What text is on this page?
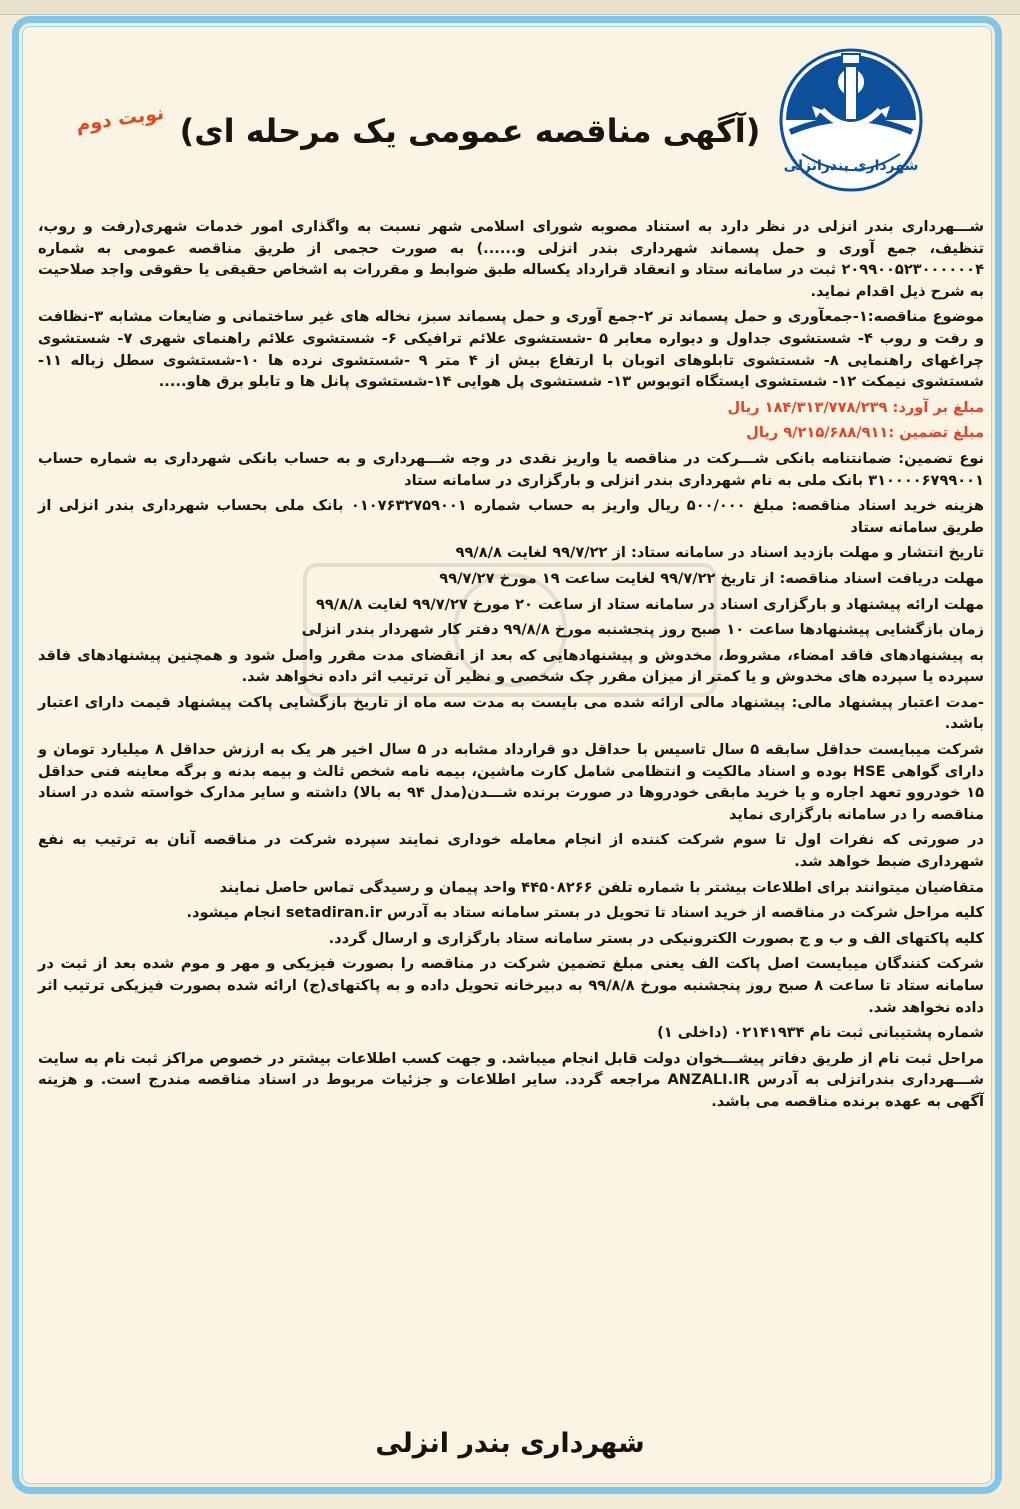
شهرداری بندرانزلی
نوبت دوم (آگهی مناقصه عمومی یک مرحله ای)

شـــهرداری بندر انزلی در نظر دارد به استناد مصوبه شورای اسلامی شهر نسبت به واگذاری امور خدمات شهری(رفت و روب، تنظیف، جمع آوری و حمل پسماند شهرداری بندر انزلی و......) به صورت حجمی از طریق مناقصه عمومی به شماره ۲۰۹۹۰۰۵۲۳۰۰۰۰۰۰۴ ثبت در سامانه ستاد و انعقاد قرارداد یکساله طبق ضوابط و مقررات به اشخاص حقیقی یا حقوقی واجد صلاحیت به شرح ذیل اقدام نماید.

موضوع مناقصه:۱-جمعآوری و حمل پسماند تر ۲-جمع آوری و حمل پسماند سبز، نخاله های غیر ساختمانی و ضایعات مشابه ۳-نظافت و رفت و روب ۴- شستشوی جداول و دیواره معابر ۵ -شستشوی علائم ترافیکی ۶- شستشوی علائم راهنمای شهری ۷- شستشوی چراغهای راهنمایی ۸- شستشوی تابلوهای اتوبان با ارتفاع بیش از ۴ متر ۹ -شستشوی نرده ها ۱۰-شستشوی سطل زباله ۱۱-شستشوی نیمکت ۱۲- شستشوی ایستگاه اتوبوس ۱۳- شستشوی پل هوایی ۱۴-شستشوی پانل ها و تابلو برق هاو.....

مبلغ بر آورد: ۱۸۴/۳۱۳/۷۷۸/۲۳۹ ریال

مبلغ تضمین :۹/۲۱۵/۶۸۸/۹۱۱ ریال

نوع تضمین: ضمانتنامه بانکی شـــرکت در مناقصه یا واریز نقدی در وجه شـــهرداری و به حساب بانکی شهرداری به شماره حساب ۳۱۰۰۰۰۶۷۹۹۰۰۱ بانک ملی به نام شهرداری بندر انزلی و بارگزاری در سامانه ستاد

هزینه خرید اسناد مناقصه: مبلغ ۵۰۰/۰۰۰ ریال واریز به حساب شماره ۰۱۰۷۶۳۲۷۵۹۰۰۱ بانک ملی بحساب شهرداری بندر انزلی از طریق سامانه ستاد

تاریخ انتشار و مهلت بازدید اسناد در سامانه ستاد: از ۹۹/۷/۲۲ لغایت ۹۹/۸/۸

مهلت دریافت اسناد مناقصه: از تاریخ ۹۹/۷/۲۲ لغایت ساعت ۱۹ مورخ ۹۹/۷/۲۷

مهلت ارائه پیشنهاد و بارگزاری اسناد در سامانه ستاد از ساعت ۲۰ مورخ ۹۹/۷/۲۷ لغایت ۹۹/۸/۸

زمان بازگشایی پیشنهادها ساعت ۱۰ صبح روز پنجشنبه مورخ ۹۹/۸/۸ دفتر کار شهردار بندر انزلی

به پیشنهادهای فاقد امضاء، مشروط، مخدوش و پیشنهادهایی که بعد از انقضای مدت مقرر واصل شود و همچنین پیشنهادهای فاقد سپرده یا سپرده های مخدوش و یا کمتر از میزان مقرر چک شخصی و نظیر آن ترتیب اثر داده نخواهد شد.

-مدت اعتبار پیشنهاد مالی: پیشنهاد مالی ارائه شده می بایست به مدت سه ماه از تاریخ بازگشایی پاکت پیشنهاد قیمت دارای اعتبار باشد.

شرکت میبایست حداقل سابقه ۵ سال تاسیس با حداقل دو قرارداد مشابه در ۵ سال اخیر هر یک به ارزش حداقل ۸ میلیارد تومان و دارای گواهی HSE بوده و اسناد مالکیت و انتظامی شامل کارت ماشین، بیمه نامه شخص ثالث و بیمه بدنه و برگه معاینه فنی حداقل ۱۵ خودروو تعهد اجاره و یا خرید مابقی خودروها در صورت برنده شـــدن(مدل ۹۴ به بالا) داشته و سایر مدارک خواسته شده در اسناد مناقصه را در سامانه بارگزاری نماید

در صورتی که نفرات اول تا سوم شرکت کننده از انجام معامله خوداری نمایند سپرده شرکت در مناقصه آنان به ترتیب به نفع شهرداری ضبط خواهد شد.

متقاضیان میتوانند برای اطلاعات بیشتر با شماره تلفن ۴۴۵۰۸۲۶۶ واحد پیمان و رسیدگی تماس حاصل نمایند

کلیه مراحل شرکت در مناقصه از خرید اسناد تا تحویل در بستر سامانه ستاد به آدرس setadiran.ir انجام میشود.

کلیه پاکتهای الف و ب و ج بصورت الکترونیکی در بستر سامانه ستاد بارگزاری و ارسال گردد.

شرکت کنندگان میبایست اصل پاکت الف یعنی مبلغ تضمین شرکت در مناقصه را بصورت فیزیکی و مهر و موم شده بعد از ثبت در سامانه ستاد تا ساعت ۸ صبح روز پنجشنبه مورخ ۹۹/۸/۸ به دبیرخانه تحویل داده و به پاکتهای(ج) ارائه شده بصورت فیزیکی ترتیب اثر داده نخواهد شد.

شماره پشتیبانی ثبت نام ۰۲۱۴۱۹۳۴ (داخلی ۱)

مراحل ثبت نام از طریق دفاتر پیشـــخوان دولت قابل انجام میباشد. و جهت کسب اطلاعات بیشتر در خصوص مراکز ثبت نام به سایت شـــهرداری بندرانزلی به آدرس ANZALI.IR مراجعه گردد. سایر اطلاعات و جزئیات مربوط در اسناد مناقصه مندرج است. و هزینه آگهی به عهده برنده مناقصه می باشد.

شهرداری بندر انزلی
